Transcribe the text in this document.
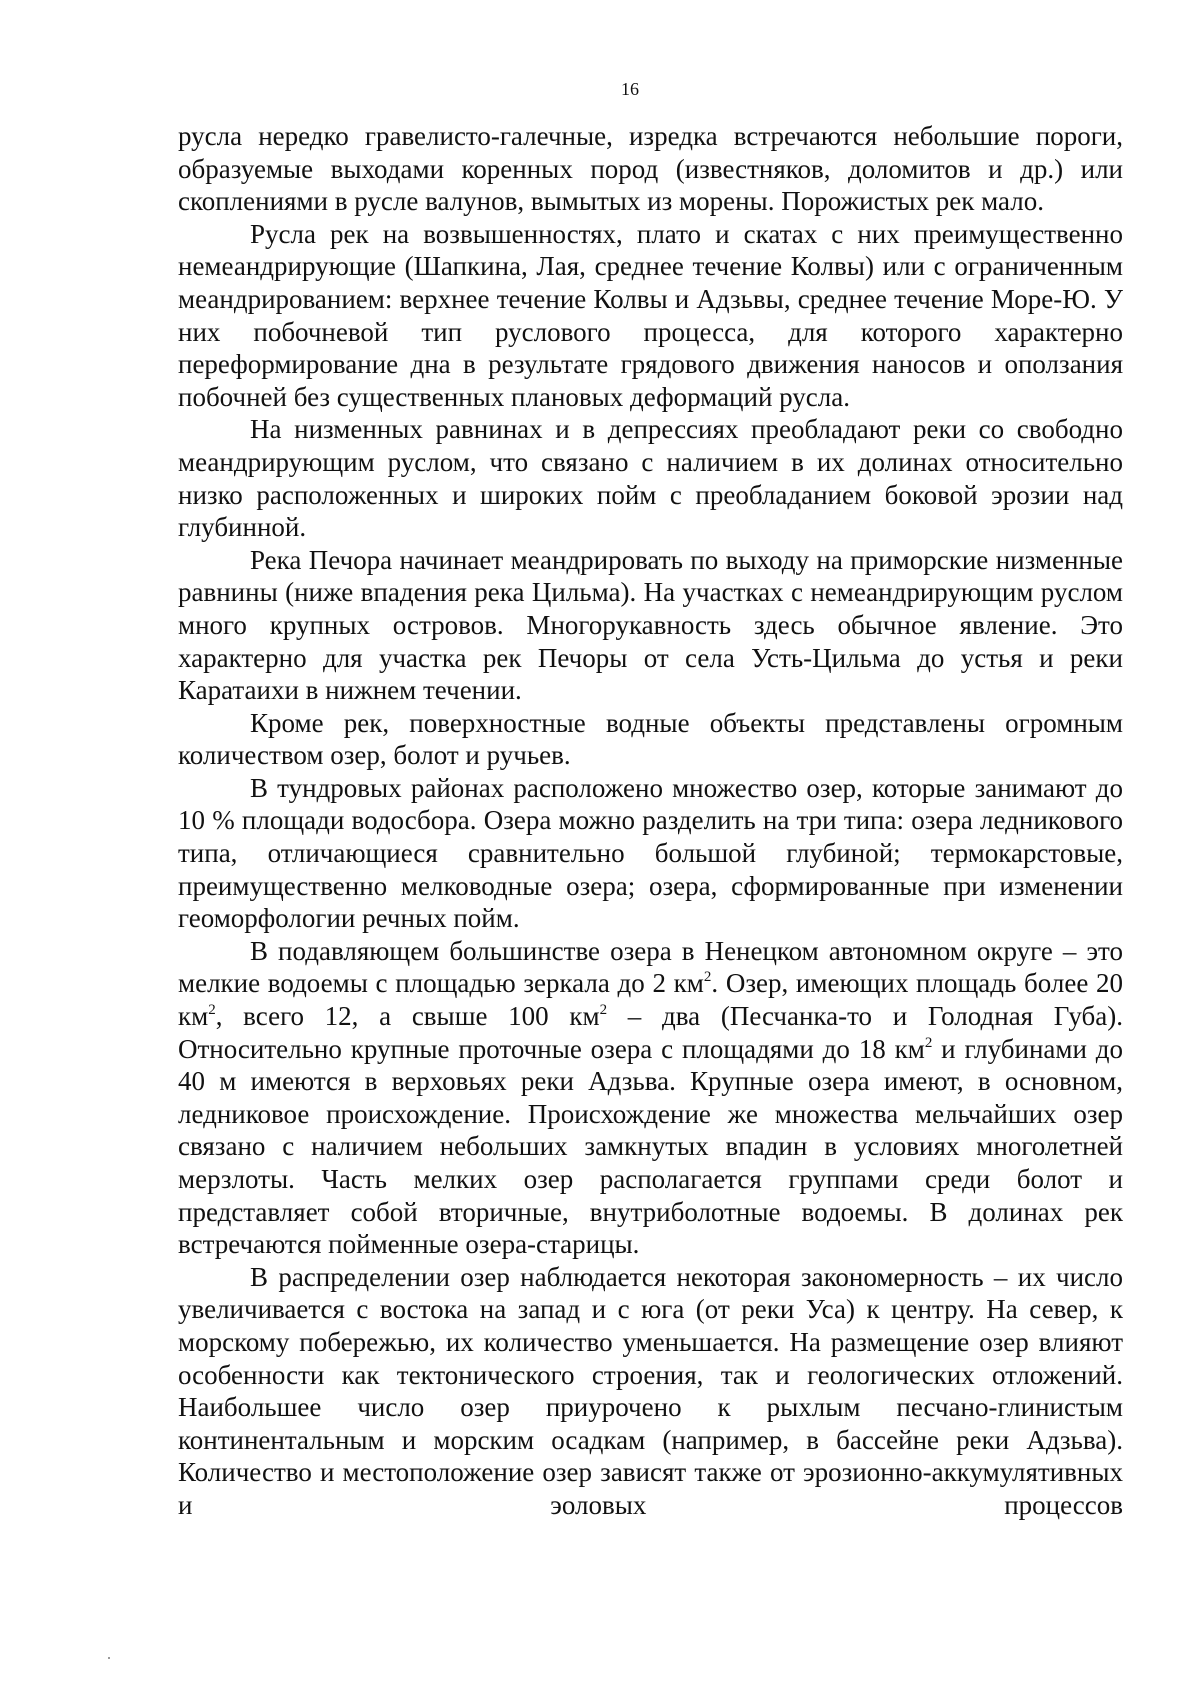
16

русла нередко гравелисто-галечные, изредка встречаются небольшие пороги, образуемые выходами коренных пород (известняков, доломитов и др.) или скоплениями в русле валунов, вымытых из морены. Порожистых рек мало.

Русла рек на возвышенностях, плато и скатах с них преимущественно немеандрирующие (Шапкина, Лая, среднее течение Колвы) или с ограниченным меандрированием: верхнее течение Колвы и Адзьвы, среднее течение Море-Ю. У них побочневой тип руслового процесса, для которого характерно переформирование дна в результате грядового движения наносов и оползания побочней без существенных плановых деформаций русла.

На низменных равнинах и в депрессиях преобладают реки со свободно меандрирующим руслом, что связано с наличием в их долинах относительно низко расположенных и широких пойм с преобладанием боковой эрозии над глубинной.

Река Печора начинает меандрировать по выходу на приморские низменные равнины (ниже впадения река Цильма). На участках с немеандрирующим руслом много крупных островов. Многорукавность здесь обычное явление. Это характерно для участка рек Печоры от села Усть-Цильма до устья и реки Каратаихи в нижнем течении.

Кроме рек, поверхностные водные объекты представлены огромным количеством озер, болот и ручьев.

В тундровых районах расположено множество озер, которые занимают до 10 % площади водосбора. Озера можно разделить на три типа: озера ледникового типа, отличающиеся сравнительно большой глубиной; термокарстовые, преимущественно мелководные озера; озера, сформированные при изменении геоморфологии речных пойм.

В подавляющем большинстве озера в Ненецком автономном округе – это мелкие водоемы с площадью зеркала до 2 $км^2$. Озер, имеющих площадь более 20 $км^2$, всего 12, а свыше 100 $км^2$ – два (Песчанка-то и Голодная Губа). Относительно крупные проточные озера с площадями до 18 $км^2$ и глубинами до 40 м имеются в верховьях реки Адзьва. Крупные озера имеют, в основном, ледниковое происхождение. Происхождение же множества мельчайших озер связано с наличием небольших замкнутых впадин в условиях многолетней мерзлоты. Часть мелких озер располагается группами среди болот и представляет собой вторичные, внутриболотные водоемы. В долинах рек встречаются пойменные озера-старицы.

В распределении озер наблюдается некоторая закономерность – их число увеличивается с востока на запад и с юга (от реки Уса) к центру. На север, к морскому побережью, их количество уменьшается. На размещение озер влияют особенности как тектонического строения, так и геологических отложений. Наибольшее число озер приурочено к рыхлым песчано-глинистым континентальным и морским осадкам (например, в бассейне реки Адзьва). Количество и местоположение озер зависят также от эрозионно-аккумулятивных и эоловых процессов
